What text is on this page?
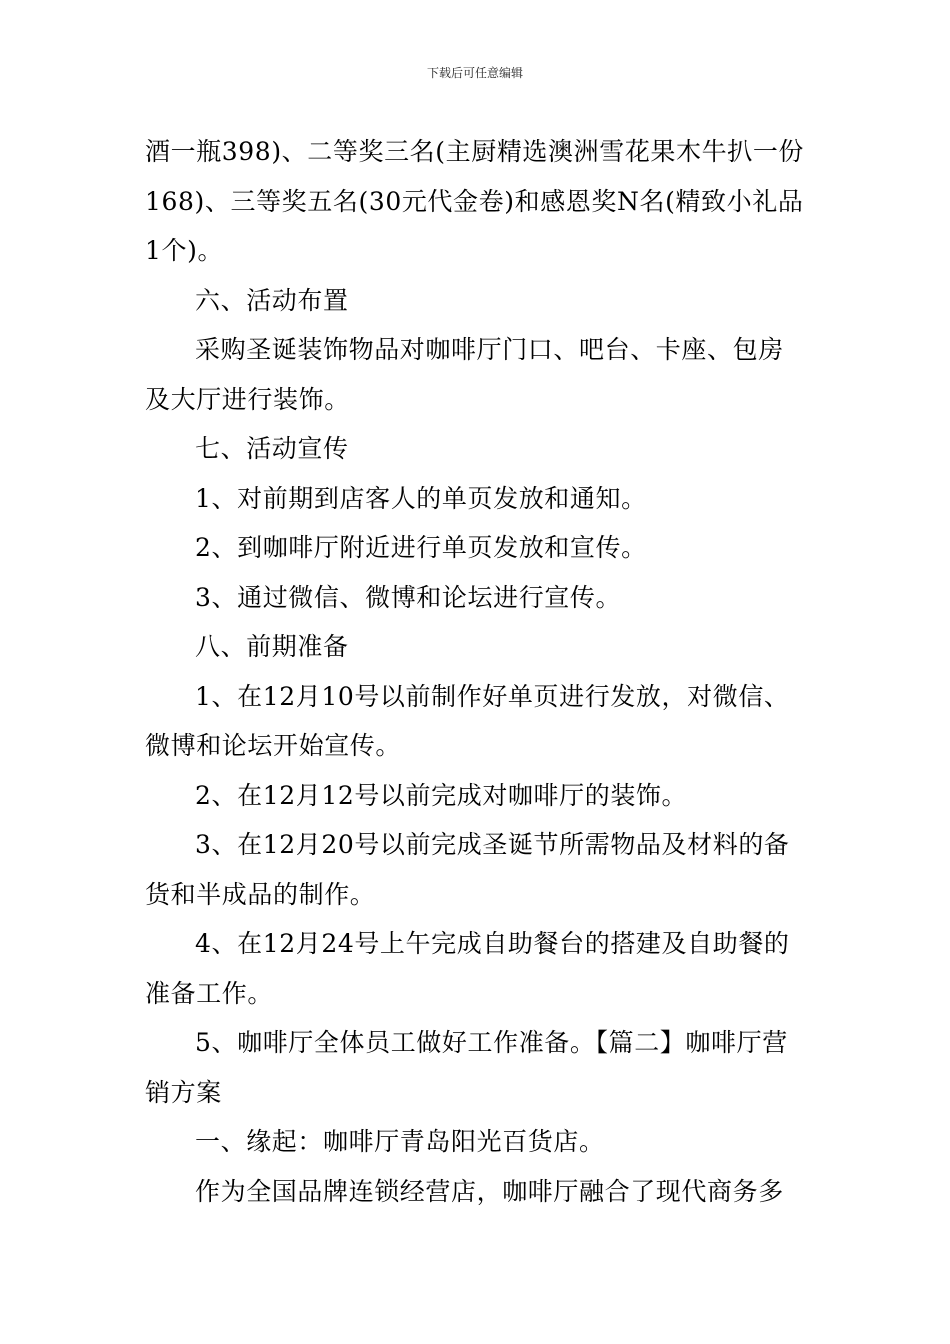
下载后可任意编辑

酒一瓶398)、二等奖三名(主厨精选澳洲雪花果木牛扒一份
168)、三等奖五名(30元代金卷)和感恩奖N名(精致小礼品
1个)。

六、活动布置

采购圣诞装饰物品对咖啡厅门口、吧台、卡座、包房
及大厅进行装饰。

七、活动宣传

1、对前期到店客人的单页发放和通知。

2、到咖啡厅附近进行单页发放和宣传。

3、通过微信、微博和论坛进行宣传。

八、前期准备

1、在12月10号以前制作好单页进行发放，对微信、
微博和论坛开始宣传。

2、在12月12号以前完成对咖啡厅的装饰。

3、在12月20号以前完成圣诞节所需物品及材料的备
货和半成品的制作。

4、在12月24号上午完成自助餐台的搭建及自助餐的
准备工作。

5、咖啡厅全体员工做好工作准备。【篇二】咖啡厅营
销方案

一、缘起：咖啡厅青岛阳光百货店。

作为全国品牌连锁经营店，咖啡厅融合了现代商务多
